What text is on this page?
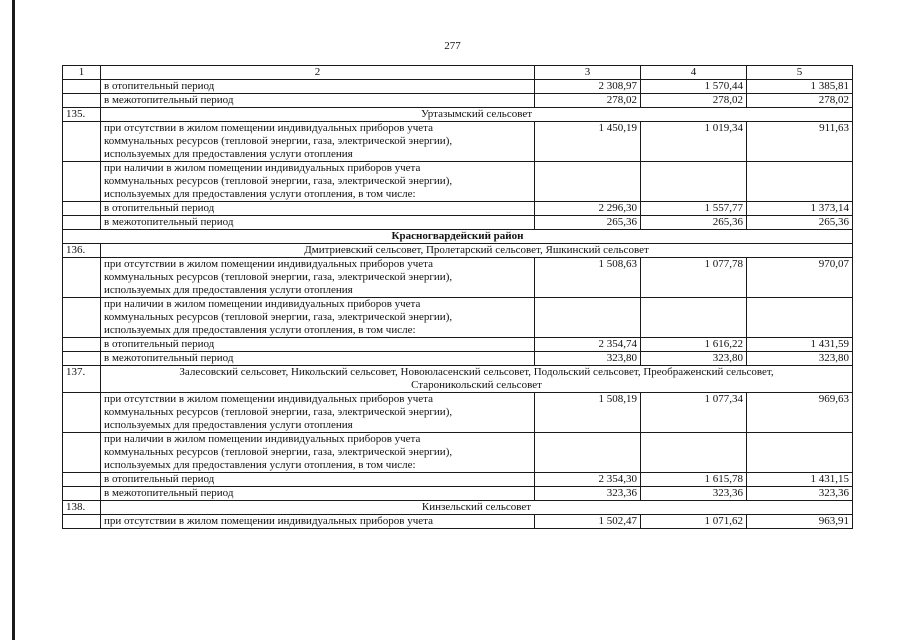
277
1	2	3	4	5
	в отопительный период	2 308,97	1 570,44	1 385,81
	в межотопительный период	278,02	278,02	278,02
135.	Уртазымский сельсовет			

	при отсутствии в жилом помещении индивидуальных приборов учета
коммунальных ресурсов (тепловой энергии, газа, электрической энергии),
используемых для предоставления услуги отопления	1 450,19	1 019,34	911,63

	при наличии в жилом помещении индивидуальных приборов учета
коммунальных ресурсов (тепловой энергии, газа, электрической энергии),
используемых для предоставления услуги отопления, в том числе:			

	в отопительный период	2 296,30	1 557,77	1 373,14
	в межотопительный период	265,36	265,36	265,36
Красногвардейский район				
136.	Дмитриевский сельсовет, Пролетарский сельсовет, Яшкинский сельсовет			

	при отсутствии в жилом помещении индивидуальных приборов учета
коммунальных ресурсов (тепловой энергии, газа, электрической энергии),
используемых для предоставления услуги отопления	1 508,63	1 077,78	970,07

	при наличии в жилом помещении индивидуальных приборов учета
коммунальных ресурсов (тепловой энергии, газа, электрической энергии),
используемых для предоставления услуги отопления, в том числе:			

	в отопительный период	2 354,74	1 616,22	1 431,59
	в межотопительный период	323,80	323,80	323,80
137.	Залесовский сельсовет, Никольский сельсовет, Новоюласенский сельсовет, Подольский сельсовет, Преображенский сельсовет,
Староникольский сельсовет			

	при отсутствии в жилом помещении индивидуальных приборов учета
коммунальных ресурсов (тепловой энергии, газа, электрической энергии),
используемых для предоставления услуги отопления	1 508,19	1 077,34	969,63

	при наличии в жилом помещении индивидуальных приборов учета
коммунальных ресурсов (тепловой энергии, газа, электрической энергии),
используемых для предоставления услуги отопления, в том числе:			

	в отопительный период	2 354,30	1 615,78	1 431,15
	в межотопительный период	323,36	323,36	323,36
138.	Кинзельский сельсовет			
	при отсутствии в жилом помещении индивидуальных приборов учета	1 502,47	1 071,62	963,91
